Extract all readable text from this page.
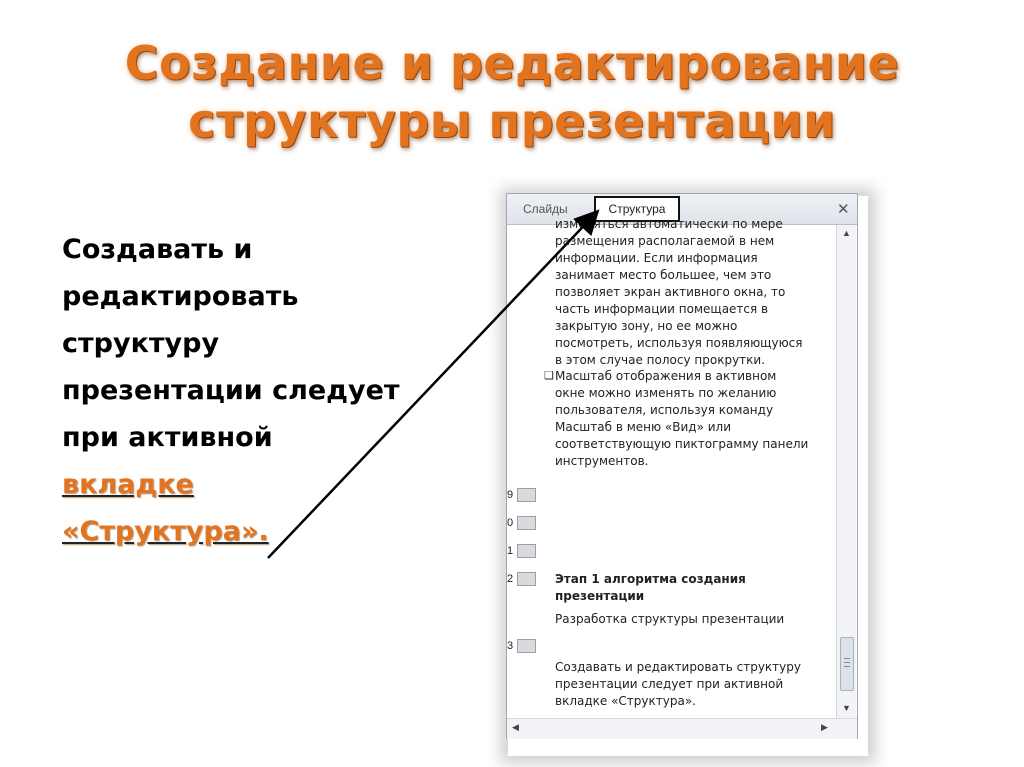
Создание и редактирование
структуры презентации
Создавать и
редактировать
структуру
презентации следует
при активной
вкладке
«Структура».
Слайды	Структура	✕
изменяться автоматически по мере
размещения располагаемой в нем
информации. Если информация
занимает место большее, чем это
позволяет экран активного окна, то
часть информации помещается в
закрытую зону, но ее можно
посмотреть, используя появляющуюся
в этом случае полосу прокрутки.
❑ Масштаб отображения в активном
окне можно изменять по желанию
пользователя, используя команду
Масштаб в меню «Вид» или
соответствующую пиктограмму панели
инструментов.
9
0
1
2	Этап 1 алгоритма создания
презентации
Разработка структуры презентации
3
Создавать и редактировать структуру
презентации следует при активной
вкладке «Структура».
▲
▼
◀	▶
